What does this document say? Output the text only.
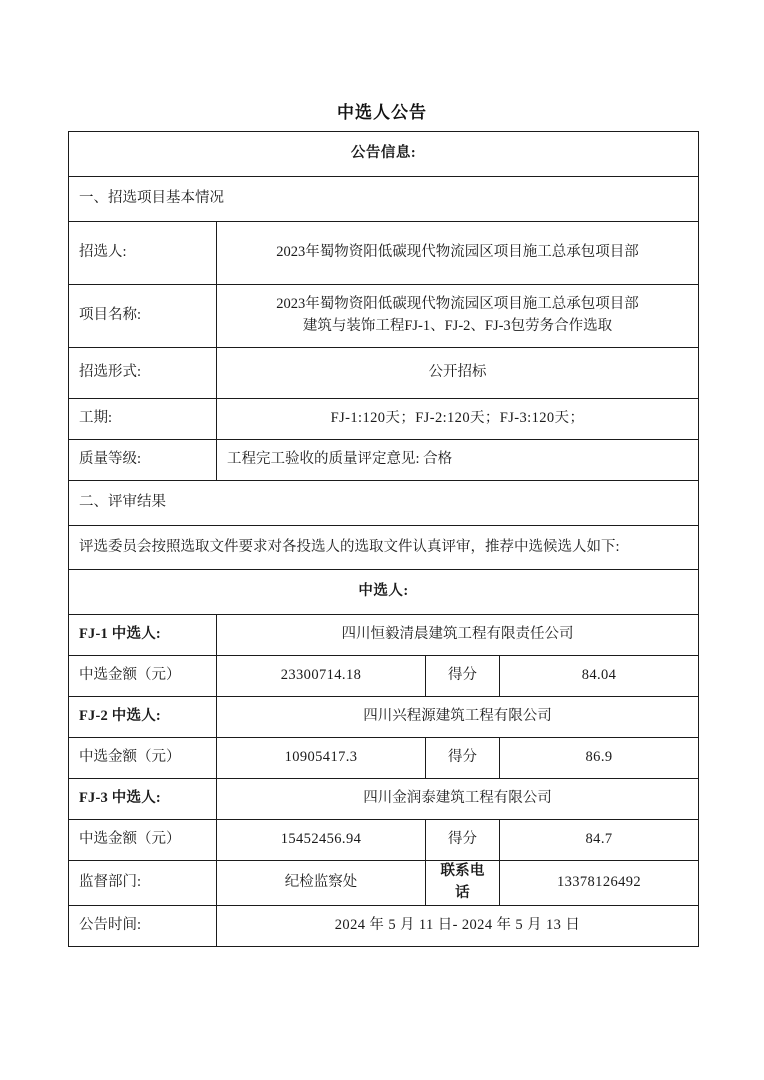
中选人公告
公告信息:			
一、招选项目基本情况			
招选人:	2023年蜀物资阳低碳现代物流园区项目施工总承包项目部		
项目名称:	2023年蜀物资阳低碳现代物流园区项目施工总承包项目部
建筑与装饰工程FJ-1、FJ-2、FJ-3包劳务合作选取		

招选形式:	公开招标		
工期:	FJ-1:120天；FJ-2:120天；FJ-3:120天；		
质量等级:	工程完工验收的质量评定意见: 合格		
二、评审结果			
评选委员会按照选取文件要求对各投选人的选取文件认真评审，推荐中选候选人如下:			
中选人:			
FJ-1 中选人:	四川恒毅清晨建筑工程有限责任公司		
中选金额（元）	23300714.18	得分	84.04
FJ-2 中选人:	四川兴程源建筑工程有限公司		
中选金额（元）	10905417.3	得分	86.9
FJ-3 中选人:	四川金润泰建筑工程有限公司		
中选金额（元）	15452456.94	得分	84.7
监督部门:	纪检监察处	联系电话	13378126492
公告时间:	2024 年 5 月 11 日- 2024 年 5 月 13 日		
